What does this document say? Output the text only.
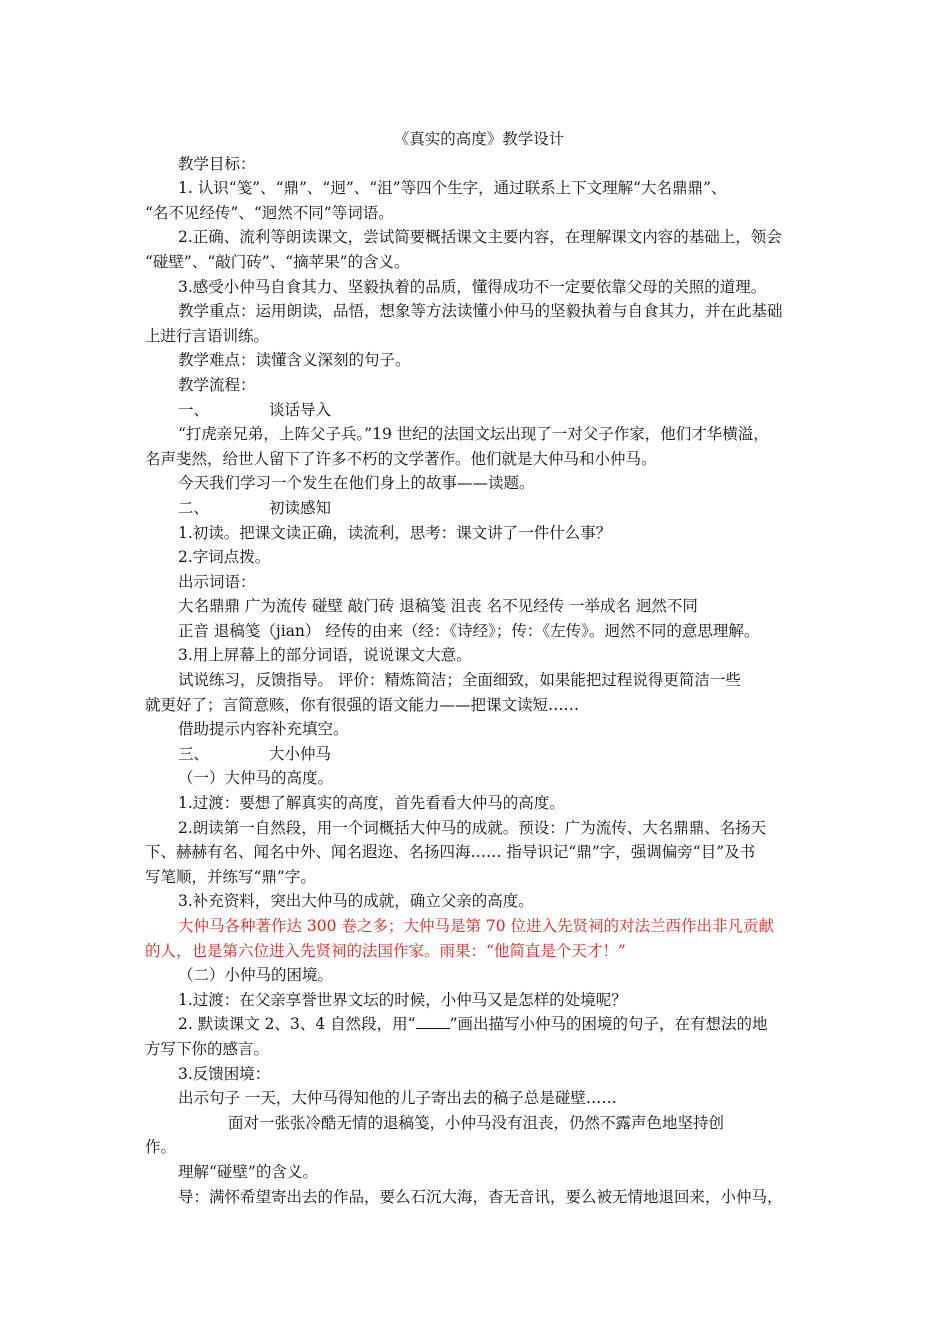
《真实的高度》教学设计

教学目标：

1. 认识“笺”、“鼎”、“迥”、“沮”等四个生字，通过联系上下文理解“大名鼎鼎”、

“名不见经传”、“迥然不同”等词语。

2.正确、流利等朗读课文，尝试简要概括课文主要内容，在理解课文内容的基础上，领会

“碰壁”、“敲门砖”、“摘苹果”的含义。

3.感受小仲马自食其力、坚毅执着的品质，懂得成功不一定要依靠父母的关照的道理。

教学重点：运用朗读，品悟，想象等方法读懂小仲马的坚毅执着与自食其力，并在此基础

上进行言语训练。

教学难点：读懂含义深刻的句子。

教学流程：

一、	谈话导入

“打虎亲兄弟，上阵父子兵。”19 世纪的法国文坛出现了一对父子作家，他们才华横溢，

名声斐然，给世人留下了许多不朽的文学著作。他们就是大仲马和小仲马。

今天我们学习一个发生在他们身上的故事——读题。

二、	初读感知

1.初读。把课文读正确，读流利，思考：课文讲了一件什么事？

2.字词点拨。

出示词语：

大名鼎鼎 广为流传 碰壁 敲门砖 退稿笺 沮丧 名不见经传 一举成名 迥然不同

正音 退稿笺（jian） 经传的由来（经：《诗经》；传：《左传》。迥然不同的意思理解。

3.用上屏幕上的部分词语，说说课文大意。

试说练习，反馈指导。 评价：精炼简洁；全面细致，如果能把过程说得更简洁一些

就更好了；言简意赅，你有很强的语文能力——把课文读短……

借助提示内容补充填空。

三、	大小仲马

（一）大仲马的高度。

1.过渡：要想了解真实的高度，首先看看大仲马的高度。

2.朗读第一自然段，用一个词概括大仲马的成就。预设：广为流传、大名鼎鼎、名扬天

下、赫赫有名、闻名中外、闻名遐迩、名扬四海…… 指导识记“鼎”字，强调偏旁“目”及书

写笔顺，并练写“鼎”字。

3.补充资料，突出大仲马的成就，确立父亲的高度。

大仲马各种著作达 300 卷之多；大仲马是第 70 位进入先贤祠的对法兰西作出非凡贡献

的人，也是第六位进入先贤祠的法国作家。雨果：“他简直是个天才！”

（二）小仲马的困境。

1.过渡：在父亲享誉世界文坛的时候，小仲马又是怎样的处境呢？

2. 默读课文 2、3、4 自然段，用“ ”画出描写小仲马的困境的句子，在有想法的地

方写下你的感言。

3.反馈困境：

出示句子 一天，大仲马得知他的儿子寄出去的稿子总是碰壁……

面对一张张冷酷无情的退稿笺，小仲马没有沮丧，仍然不露声色地坚持创

作。

理解“碰壁”的含义。

导：满怀希望寄出去的作品，要么石沉大海，杳无音讯，要么被无情地退回来，小仲马，
